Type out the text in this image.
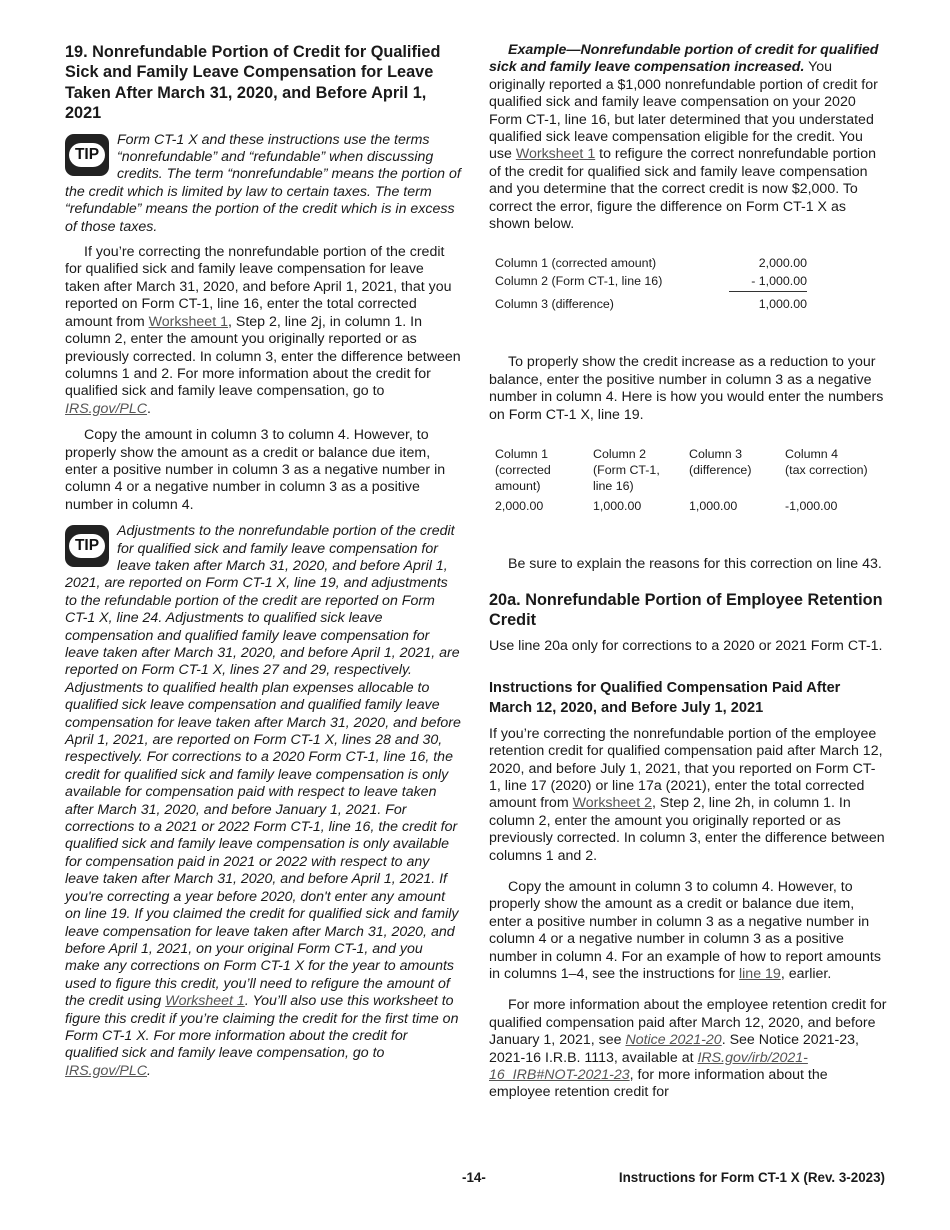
19. Nonrefundable Portion of Credit for Qualified Sick and Family Leave Compensation for Leave Taken After March 31, 2020, and Before April 1, 2021
TIP
Form CT-1 X and these instructions use the terms “nonrefundable” and “refundable” when discussing credits. The term “nonrefundable” means the portion of the credit which is limited by law to certain taxes. The term “refundable” means the portion of the credit which is in excess of those taxes.

If you’re correcting the nonrefundable portion of the credit for qualified sick and family leave compensation for leave taken after March 31, 2020, and before April 1, 2021, that you reported on Form CT-1, line 16, enter the total corrected amount from Worksheet 1, Step 2, line 2j, in column 1. In column 2, enter the amount you originally reported or as previously corrected. In column 3, enter the difference between columns 1 and 2. For more information about the credit for qualified sick and family leave compensation, go to IRS.gov/PLC.

Copy the amount in column 3 to column 4. However, to properly show the amount as a credit or balance due item, enter a positive number in column 3 as a negative number in column 4 or a negative number in column 3 as a positive number in column 4.

TIP
Adjustments to the nonrefundable portion of the credit for qualified sick and family leave compensation for leave taken after March 31, 2020, and before April 1, 2021, are reported on Form CT-1 X, line 19, and adjustments to the refundable portion of the credit are reported on Form CT-1 X, line 24. Adjustments to qualified sick leave compensation and qualified family leave compensation for leave taken after March 31, 2020, and before April 1, 2021, are reported on Form CT-1 X, lines 27 and 29, respectively. Adjustments to qualified health plan expenses allocable to qualified sick leave compensation and qualified family leave compensation for leave taken after March 31, 2020, and before April 1, 2021, are reported on Form CT-1 X, lines 28 and 30, respectively. For corrections to a 2020 Form CT-1, line 16, the credit for qualified sick and family leave compensation is only available for compensation paid with respect to leave taken after March 31, 2020, and before January 1, 2021. For corrections to a 2021 or 2022 Form CT-1, line 16, the credit for qualified sick and family leave compensation is only available for compensation paid in 2021 or 2022 with respect to any leave taken after March 31, 2020, and before April 1, 2021. If you're correcting a year before 2020, don't enter any amount on line 19. If you claimed the credit for qualified sick and family leave compensation for leave taken after March 31, 2020, and before April 1, 2021, on your original Form CT-1, and you make any corrections on Form CT-1 X for the year to amounts used to figure this credit, you’ll need to refigure the amount of the credit using Worksheet 1. You’ll also use this worksheet to figure this credit if you’re claiming the credit for the first time on Form CT-1 X. For more information about the credit for qualified sick and family leave compensation, go to IRS.gov/PLC.

Example—Nonrefundable portion of credit for qualified sick and family leave compensation increased. You originally reported a $1,000 nonrefundable portion of credit for qualified sick and family leave compensation on your 2020 Form CT-1, line 16, but later determined that you understated qualified sick leave compensation eligible for the credit. You use Worksheet 1 to refigure the correct nonrefundable portion of the credit for qualified sick and family leave compensation and you determine that the correct credit is now $2,000. To correct the error, figure the difference on Form CT-1 X as shown below.

Column 1 (corrected amount)	2,000.00
Column 2 (Form CT-1, line 16)	- 1,000.00
Column 3 (difference)	1,000.00

To properly show the credit increase as a reduction to your balance, enter the positive number in column 3 as a negative number in column 4. Here is how you would enter the numbers on Form CT-1 X, line 19.

Column 1
(corrected
amount)	Column 2
(Form CT-1,
line 16)	Column 3
(difference)	Column 4
(tax correction)
2,000.00	1,000.00	1,000.00	-1,000.00

Be sure to explain the reasons for this correction on line 43.

20a. Nonrefundable Portion of Employee Retention Credit

Use line 20a only for corrections to a 2020 or 2021 Form CT-1.

Instructions for Qualified Compensation Paid After March 12, 2020, and Before July 1, 2021

If you’re correcting the nonrefundable portion of the employee retention credit for qualified compensation paid after March 12, 2020, and before July 1, 2021, that you reported on Form CT-1, line 17 (2020) or line 17a (2021), enter the total corrected amount from Worksheet 2, Step 2, line 2h, in column 1. In column 2, enter the amount you originally reported or as previously corrected. In column 3, enter the difference between columns 1 and 2.

Copy the amount in column 3 to column 4. However, to properly show the amount as a credit or balance due item, enter a positive number in column 3 as a negative number in column 4 or a negative number in column 3 as a positive number in column 4. For an example of how to report amounts in columns 1–4, see the instructions for line 19, earlier.

For more information about the employee retention credit for qualified compensation paid after March 12, 2020, and before January 1, 2021, see Notice 2021-20. See Notice 2021-23, 2021-16 I.R.B. 1113, available at IRS.gov/irb/2021-16_IRB#NOT-2021-23, for more information about the employee retention credit for

-14-	Instructions for Form CT-1 X (Rev. 3-2023)
